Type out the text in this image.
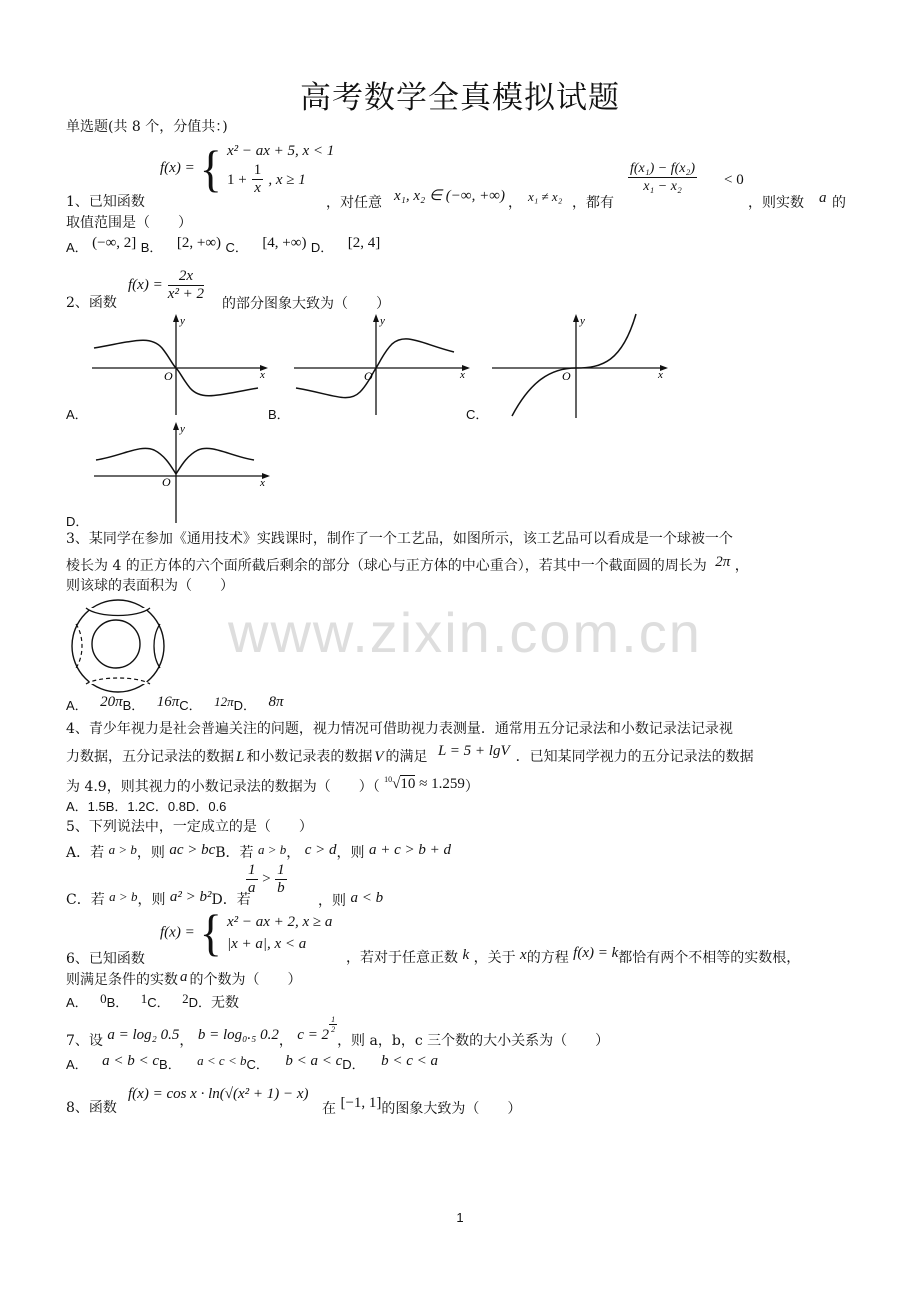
高考数学全真模拟试题
单选题(共 8 个，分值共：)
f(x) = { x² − ax + 5, x < 1
$1 + \frac{1}{x}$ , x ≥ 1
1、已知函数	，对任意 x₁, x₂ ∈ (−∞, +∞) ， x₁ ≠ x₂ ，都有
$\frac{\text{f(x₁) − f(x₂)}}{\text{x₁ − x₂}} < 0$
，则实数 a 的
取值范围是（　　）
A． (−∞, 2] B． [2, +∞) C． [4, +∞) D． [2, 4]
2、函数
$f(x) = \frac{2x}{\text{x² + 2}}$
的部分图象大致为（　　）
y
x
O
A．
y
x
O
B．
y
x
O
C．
y
x
O
D．
3、某同学在参加《通用技术》实践课时，制作了一个工艺品，如图所示，该工艺品可以看成是一个球被一个
棱长为 4 的正方体的六个面所截后剩余的部分（球心与正方体的中心重合），若其中一个截面圆的周长为 2π ，
则该球的表面积为（　　）
A． 20πB． 16πC． 12πD． 8π
4、青少年视力是社会普遍关注的问题，视力情况可借助视力表测量．通常用五分记录法和小数记录法记录视
力数据，五分记录法的数据 L 和小数记录表的数据 V 的满足 L = 5 + lgV ．已知某同学视力的五分记录法的数据
为 4.9，则其视力的小数记录法的数据为（　　）（ $^{10}$√10 ≈ 1.259）
A．1.5B．1.2C．0.8D．0.6
5、下列说法中，一定成立的是（　　）
A．若 a > b，则 ac > bcB．若 a > b， c > d，则 a + c > b + d
C．若 a > b，则 a² > b²D．若
$\frac{1}{a} > \frac{1}{b}$
，则 a < b
f(x) = { x² − ax + 2, x ≥ a
|x + a|, x < a
6、已知函数	，若对于任意正数 k ，关于 x的方程 f(x) = k都恰有两个不相等的实数根，
则满足条件的实数 a 的个数为（　　）
A． 0B． 1C． 2D．无数
7、设 a = log₂ 0.5， b = log₀.₅ 0.2， c = 2
$\frac{1}{2}$
，则 a，b，c 三个数的大小关系为（　　）
A． a < b < cB． a < c < bC． b < a < cD． b < c < a
8、函数
f(x) = cos x · ln(√(x² + 1) − x)
在 [−1, 1]的图象大致为（　　）
www.zixin.com.cn
1
